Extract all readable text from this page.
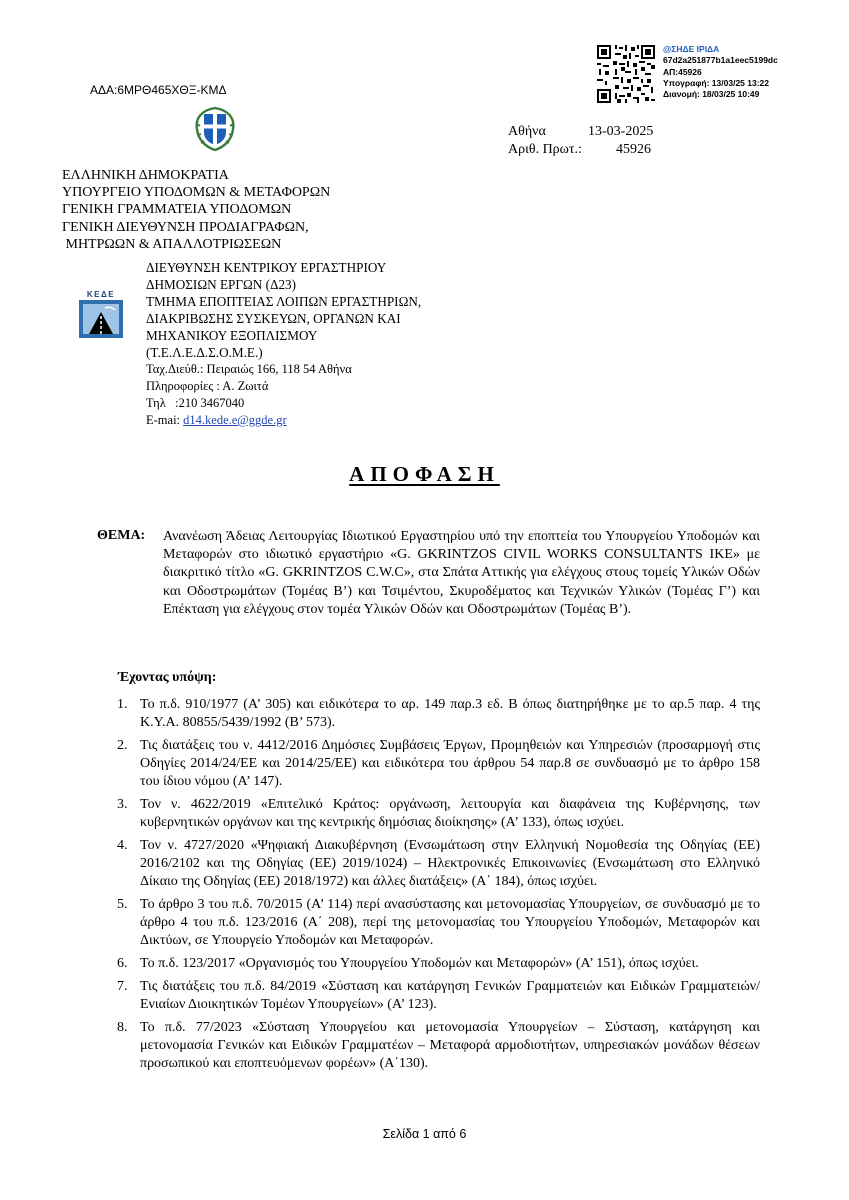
ΑΔΑ:6ΜΡΘ465ΧΘΞ-ΚΜΔ
@ΣΗΔΕ ΙΡΙΔΑ
67d2a251877b1a1eec5199dc
ΑΠ:45926
Υπογραφή: 13/03/25 13:22
Διανομή: 18/03/25 10:49
Αθήνα	13-03-2025
Αριθ. Πρωτ.: 45926
ΕΛΛΗΝΙΚΗ ΔΗΜΟΚΡΑΤΙΑ
ΥΠΟΥΡΓΕΙΟ ΥΠΟΔΟΜΩΝ & ΜΕΤΑΦΟΡΩΝ
ΓΕΝΙΚΗ ΓΡΑΜΜΑΤΕΙΑ ΥΠΟΔΟΜΩΝ
ΓΕΝΙΚΗ ΔΙΕΥΘΥΝΣΗ ΠΡΟΔΙΑΓΡΑΦΩΝ,
ΜΗΤΡΩΩΝ & ΑΠΑΛΛΟΤΡΙΩΣΕΩΝ
ΚΕΔΕ
ΔΙΕΥΘΥΝΣΗ ΚΕΝΤΡΙΚΟΥ ΕΡΓΑΣΤΗΡΙΟΥ
ΔΗΜΟΣΙΩΝ ΕΡΓΩΝ (Δ23)
ΤΜΗΜΑ ΕΠΟΠΤΕΙΑΣ ΛΟΙΠΩΝ ΕΡΓΑΣΤΗΡΙΩΝ,
ΔΙΑΚΡΙΒΩΣΗΣ ΣΥΣΚΕΥΩΝ, ΟΡΓΑΝΩΝ ΚΑΙ
ΜΗΧΑΝΙΚΟΥ ΕΞΟΠΛΙΣΜΟΥ
(Τ.Ε.Λ.Ε.Δ.Σ.Ο.Μ.Ε.)
Ταχ.Διεύθ.: Πειραιώς 166, 118 54 Αθήνα
Πληροφορίες : Α. Ζωιτά
Τηλ   :210 3467040
E-mai: d14.kede.e@ggde.gr
ΑΠΟΦΑΣΗ
ΘΕΜΑ: Ανανέωση Άδειας Λειτουργίας Ιδιωτικού Εργαστηρίου υπό την εποπτεία του Υπουργείου Υποδομών και Μεταφορών στο ιδιωτικό εργαστήριο «G. GKRINTZOS CIVIL WORKS CONSULTANTS IKE» με διακριτικό τίτλο «G. GKRINTZOS C.W.C», στα Σπάτα Αττικής για ελέγχους στους τομείς Υλικών Οδών και Οδοστρωμάτων (Τομέας Β’) και Τσιμέντου, Σκυροδέματος και Τεχνικών Υλικών (Τομέας Γ’) και Επέκταση για ελέγχους στον τομέα Υλικών Οδών και Οδοστρωμάτων (Τομέας Β’).

Έχοντας υπόψη:
1. Το π.δ. 910/1977 (Α’ 305) και ειδικότερα το αρ. 149 παρ.3 εδ. Β όπως διατηρήθηκε με το αρ.5 παρ. 4 της Κ.Υ.Α. 80855/5439/1992 (Β’ 573).
2. Τις διατάξεις του ν. 4412/2016 Δημόσιες Συμβάσεις Έργων, Προμηθειών και Υπηρεσιών (προσαρμογή στις Οδηγίες 2014/24/ΕΕ και 2014/25/ΕΕ) και ειδικότερα του άρθρου 54 παρ.8 σε συνδυασμό με το άρθρο 158 του ίδιου νόμου (Α’ 147).
3. Τον ν. 4622/2019 «Επιτελικό Κράτος: οργάνωση, λειτουργία και διαφάνεια της Κυβέρνησης, των κυβερνητικών οργάνων και της κεντρικής δημόσιας διοίκησης» (Α’ 133), όπως ισχύει.
4. Τον ν. 4727/2020 «Ψηφιακή Διακυβέρνηση (Ενσωμάτωση στην Ελληνική Νομοθεσία της Οδηγίας (ΕΕ) 2016/2102 και της Οδηγίας (ΕΕ) 2019/1024) – Ηλεκτρονικές Επικοινωνίες (Ενσωμάτωση στο Ελληνικό Δίκαιο της Οδηγίας (ΕΕ) 2018/1972) και άλλες διατάξεις» (Α΄ 184), όπως ισχύει.
5. Το άρθρο 3 του π.δ. 70/2015 (Α’ 114) περί ανασύστασης και μετονομασίας Υπουργείων, σε συνδυασμό με το άρθρο 4 του π.δ. 123/2016 (Α΄ 208), περί της μετονομασίας του Υπουργείου Υποδομών, Μεταφορών και Δικτύων, σε Υπουργείο Υποδομών και Μεταφορών.
6. Το π.δ. 123/2017 «Οργανισμός του Υπουργείου Υποδομών και Μεταφορών» (Α’ 151), όπως ισχύει.
7. Τις διατάξεις του π.δ. 84/2019 «Σύσταση και κατάργηση Γενικών Γραμματειών και Ειδικών Γραμματειών/ Ενιαίων Διοικητικών Τομέων Υπουργείων» (Α’ 123).
8. Το π.δ. 77/2023 «Σύσταση Υπουργείου και μετονομασία Υπουργείων – Σύσταση, κατάργηση και μετονομασία Γενικών και Ειδικών Γραμματέων – Μεταφορά αρμοδιοτήτων, υπηρεσιακών μονάδων θέσεων προσωπικού και εποπτευόμενων φορέων» (Α΄130).
Σελίδα 1 από 6
